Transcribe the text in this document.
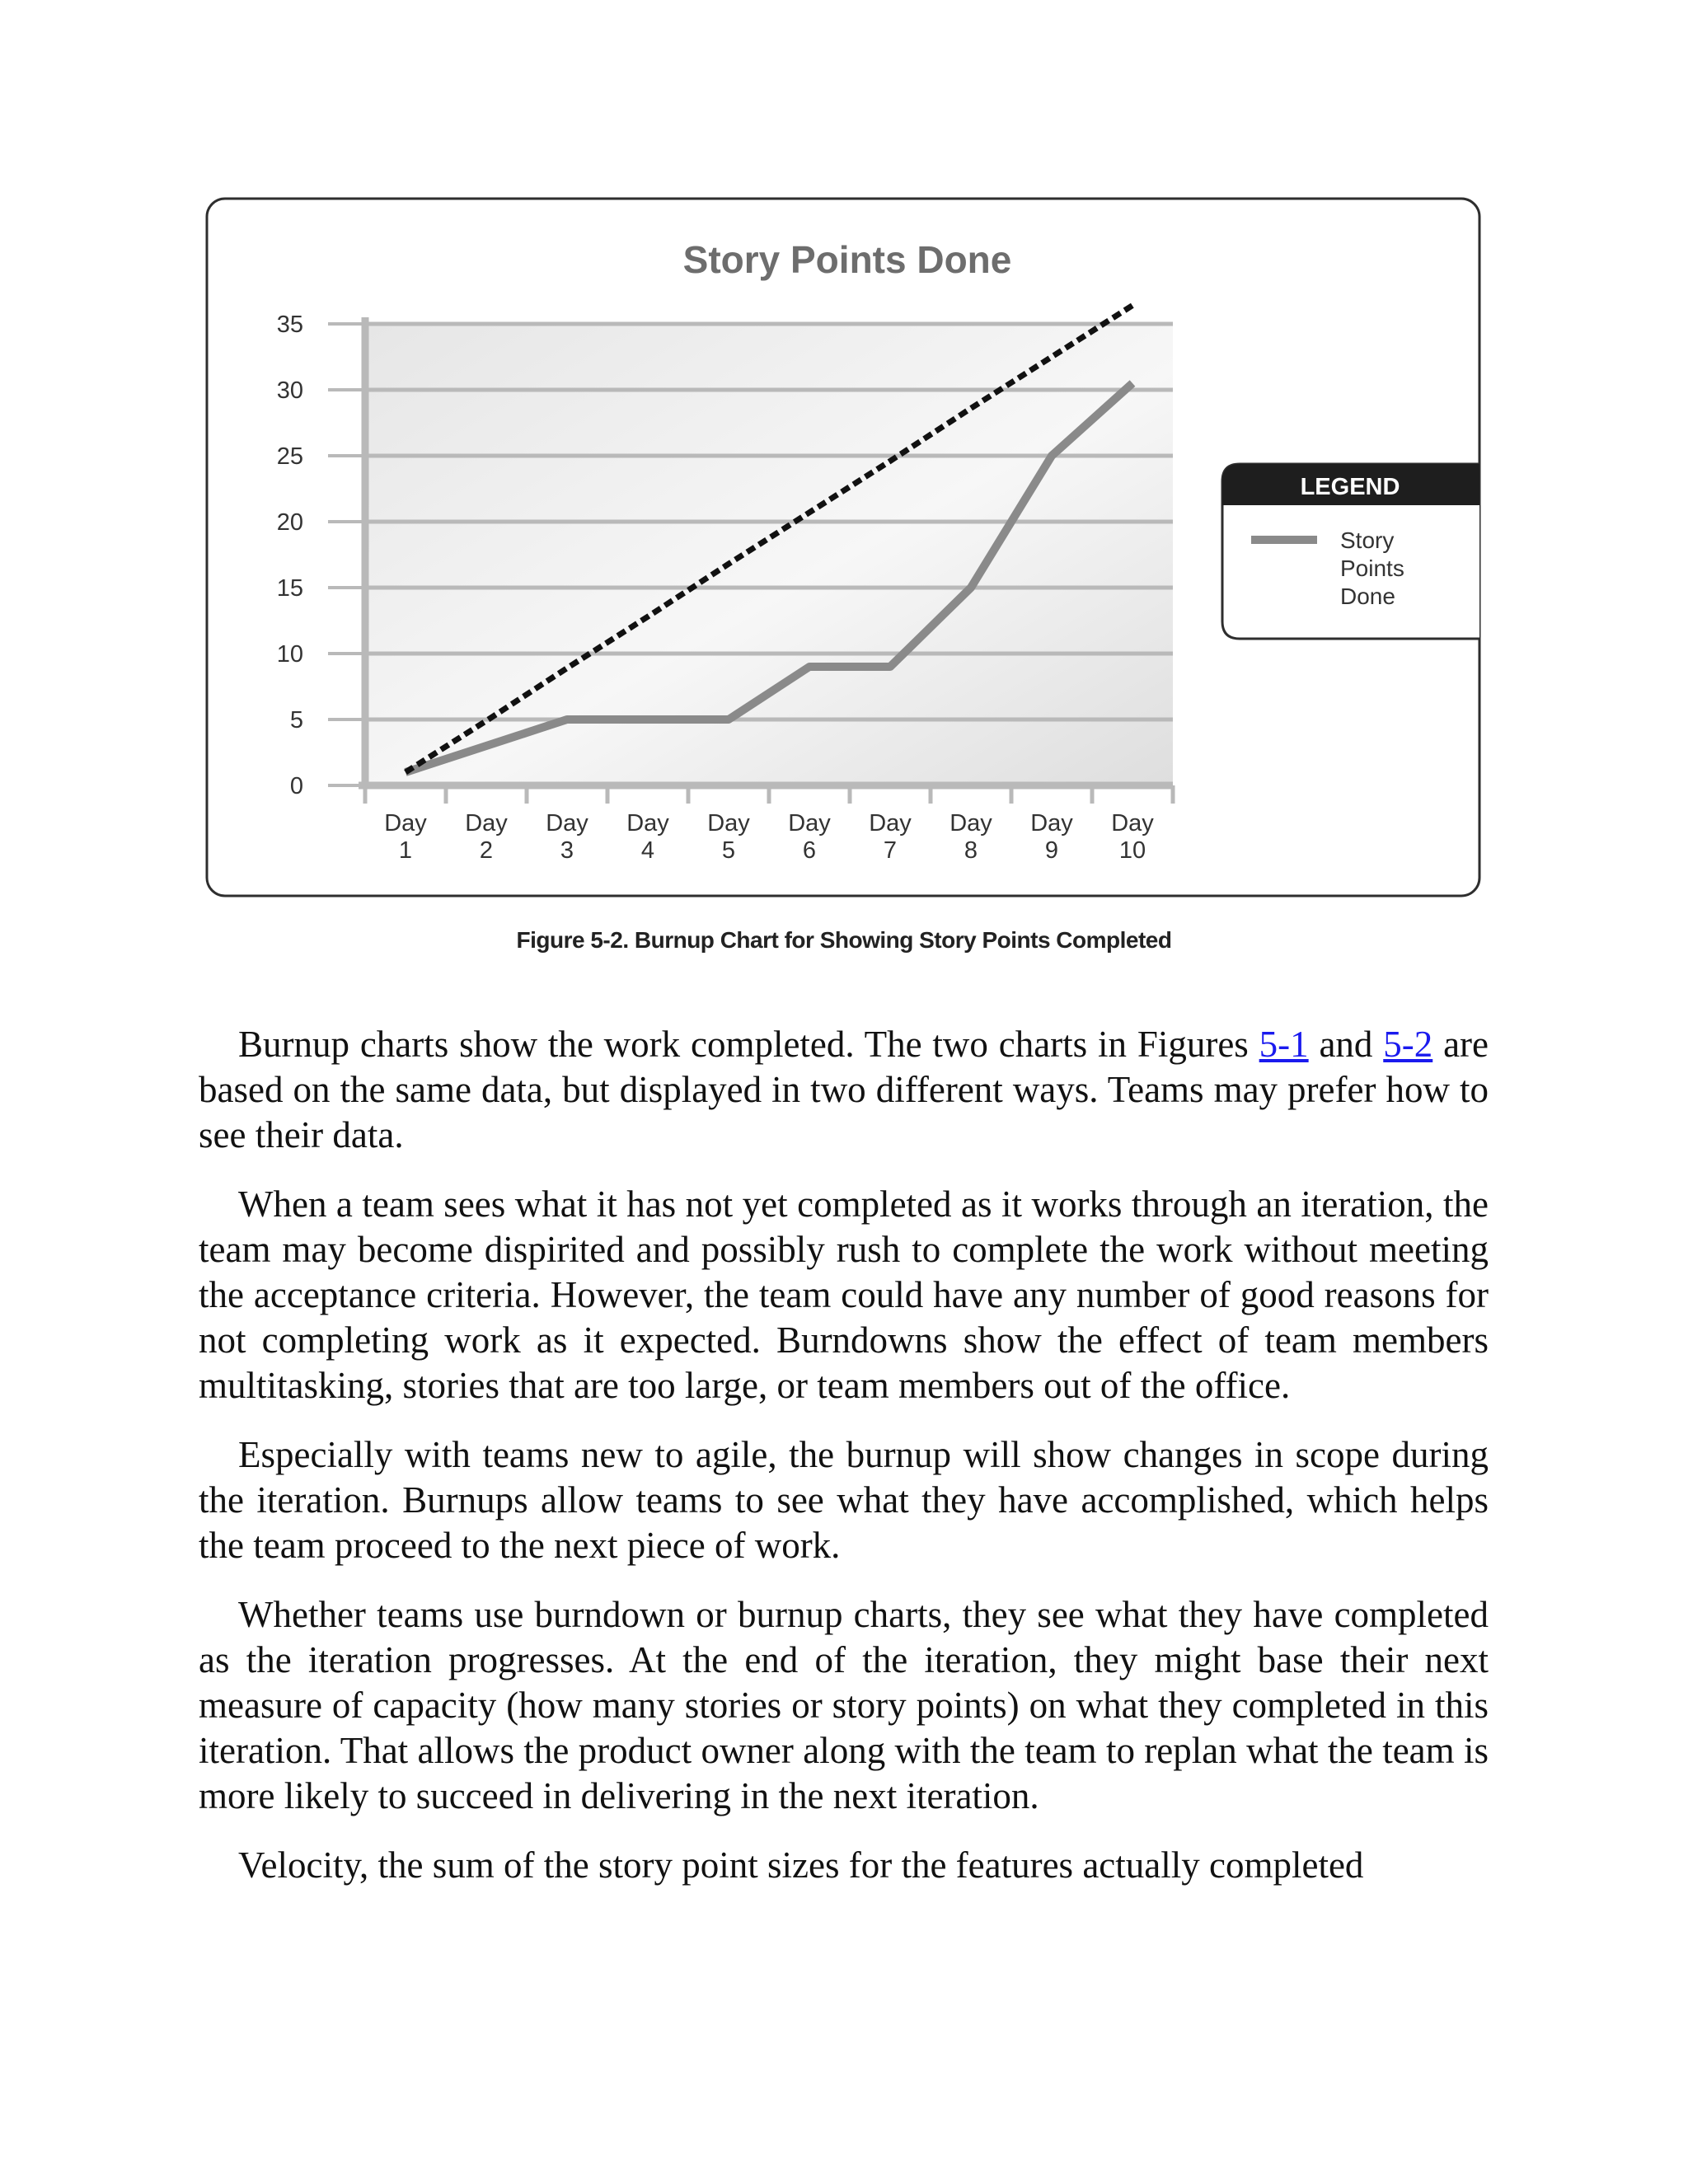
0
5
10
15
20
25
30
35
Day 1
Day 2
Day 3
Day 4
Day 5
Day 6
Day 7
Day 8
Day 9
Day 10
Story Points Done
LEGEND
Story Points Done
Figure 5-2. Burnup Chart for Showing Story Points Completed

Burnup charts show the work completed. The two charts in Figures 5-1 and 5-2 are based on the same data, but displayed in two different ways. Teams may prefer how to see their data.

When a team sees what it has not yet completed as it works through an iteration, the team may become dispirited and possibly rush to complete the work without meeting the acceptance criteria. However, the team could have any number of good reasons for not completing work as it expected. Burndowns show the effect of team members multitasking, stories that are too large, or team members out of the office.

Especially with teams new to agile, the burnup will show changes in scope during the iteration. Burnups allow teams to see what they have accomplished, which helps the team proceed to the next piece of work.

Whether teams use burndown or burnup charts, they see what they have completed as the iteration progresses. At the end of the iteration, they might base their next measure of capacity (how many stories or story points) on what they completed in this iteration. That allows the product owner along with the team to replan what the team is more likely to succeed in delivering in the next iteration.

Velocity, the sum of the story point sizes for the features actually completed
